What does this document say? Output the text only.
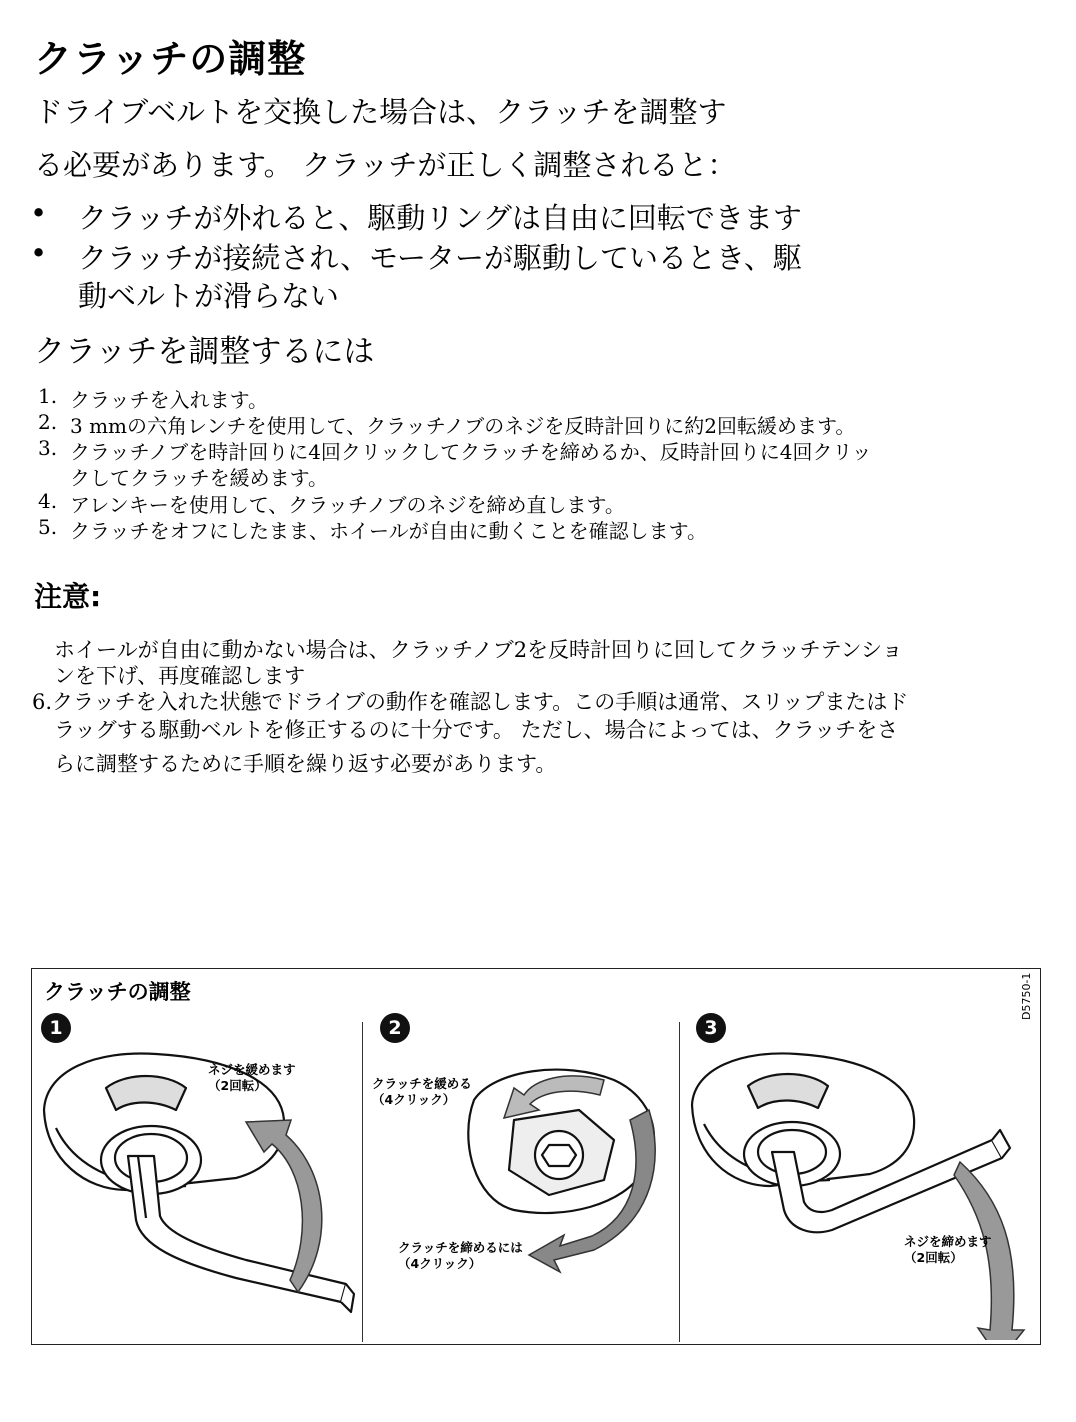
クラッチの調整
ドライブベルトを交換した場合は、クラッチを調整す
る必要があります。 クラッチが正しく調整されると：
• クラッチが外れると、駆動リングは自由に回転できます
• クラッチが接続され、モーターが駆動しているとき、駆
動ベルトが滑らない
クラッチを調整するには
1. クラッチを入れます。
2. 3 mmの六角レンチを使用して、クラッチノブのネジを反時計回りに約2回転緩めます。
3. クラッチノブを時計回りに4回クリックしてクラッチを締めるか、反時計回りに4回クリッ
クしてクラッチを緩めます。
4. アレンキーを使用して、クラッチノブのネジを締め直します。
5. クラッチをオフにしたまま、ホイールが自由に動くことを確認します。
注意:
ホイールが自由に動かない場合は、クラッチノブ2を反時計回りに回してクラッチテンショ
ンを下げ、再度確認します
6.クラッチを入れた状態でドライブの動作を確認します。この手順は通常、スリップまたはド
ラッグする駆動ベルトを修正するのに十分です。 ただし、場合によっては、クラッチをさ
らに調整するために手順を繰り返す必要があります。
クラッチの調整	D5750-1
1	2	3
ネジを緩めます
（2回転）	クラッチを緩める
（4クリック）
クラッチを締めるには
（4クリック）
ネジを締めます
（2回転）
